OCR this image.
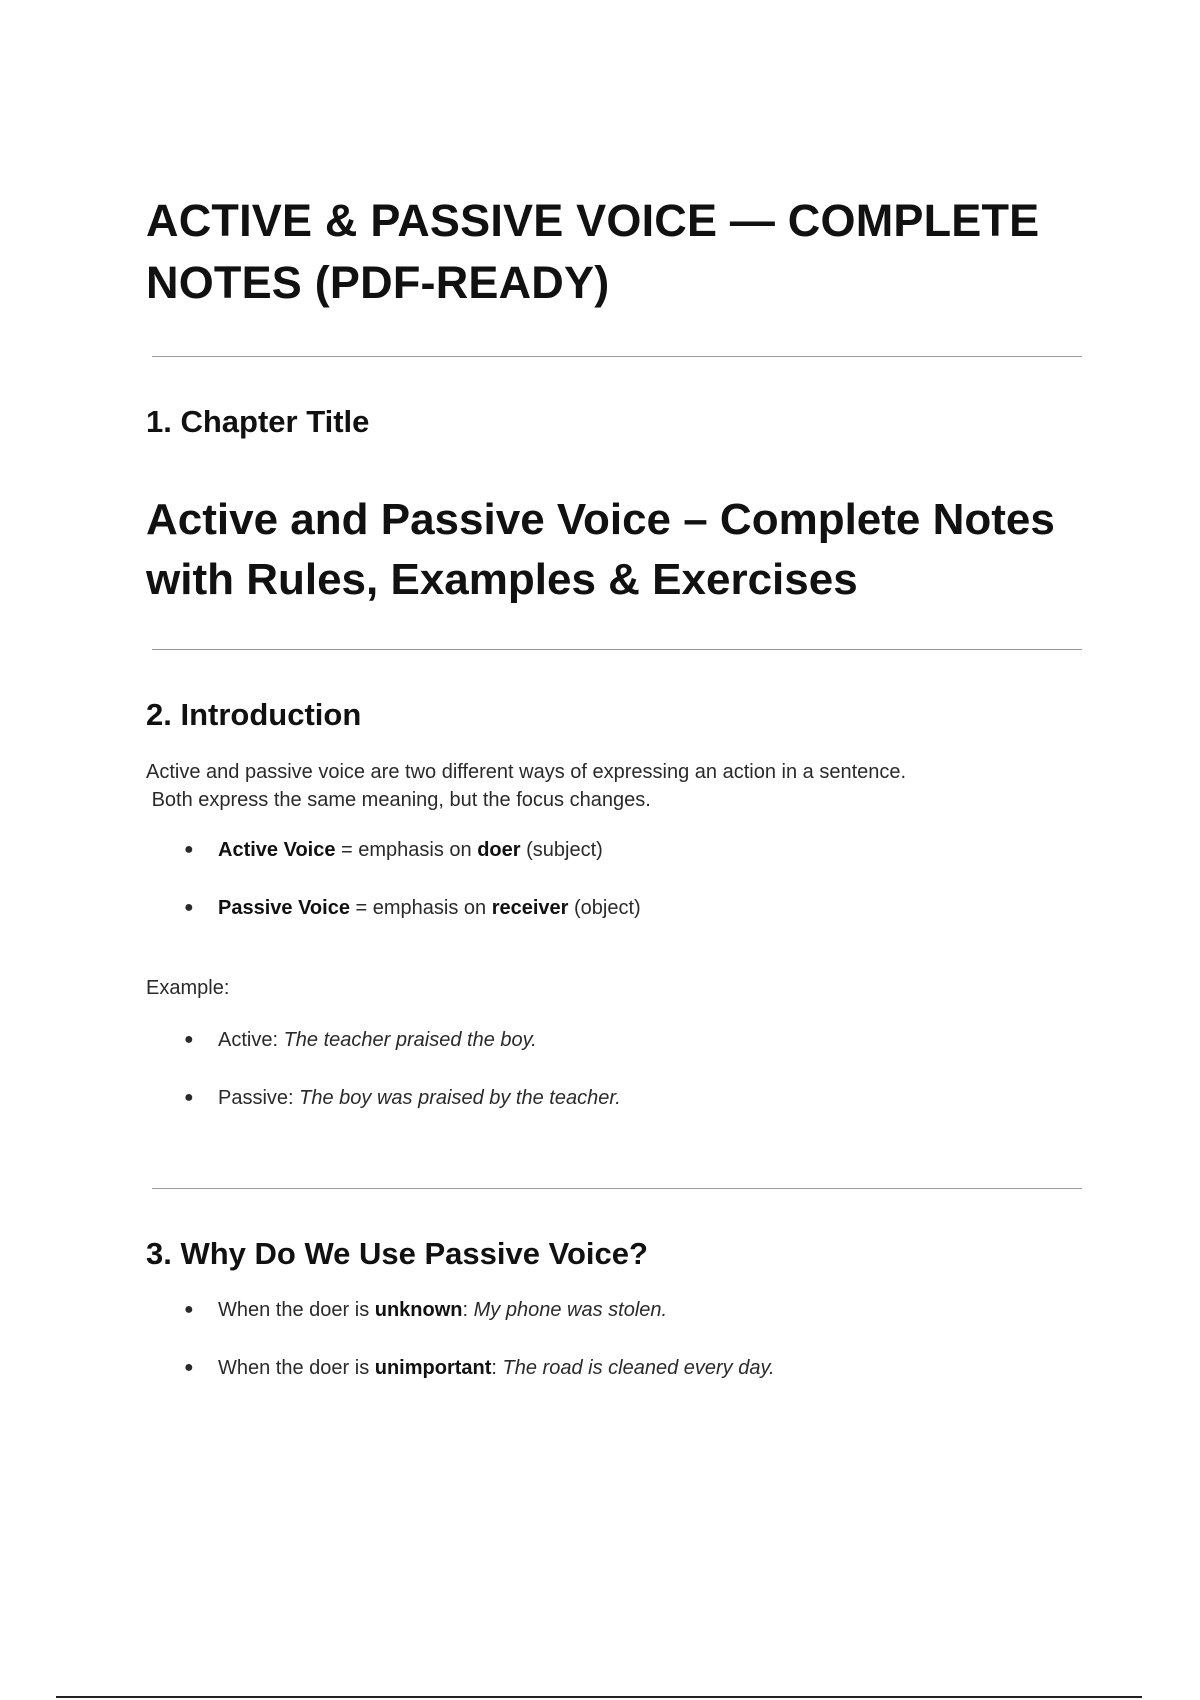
ACTIVE & PASSIVE VOICE — COMPLETE NOTES (PDF-READY)
1. Chapter Title
Active and Passive Voice – Complete Notes with Rules, Examples & Exercises
2. Introduction

Active and passive voice are two different ways of expressing an action in a sentence.
Both express the same meaning, but the focus changes.

● Active Voice = emphasis on doer (subject)
● Passive Voice = emphasis on receiver (object)

Example:

● Active: The teacher praised the boy.
● Passive: The boy was praised by the teacher.
3. Why Do We Use Passive Voice?
● When the doer is unknown: My phone was stolen.
● When the doer is unimportant: The road is cleaned every day.
